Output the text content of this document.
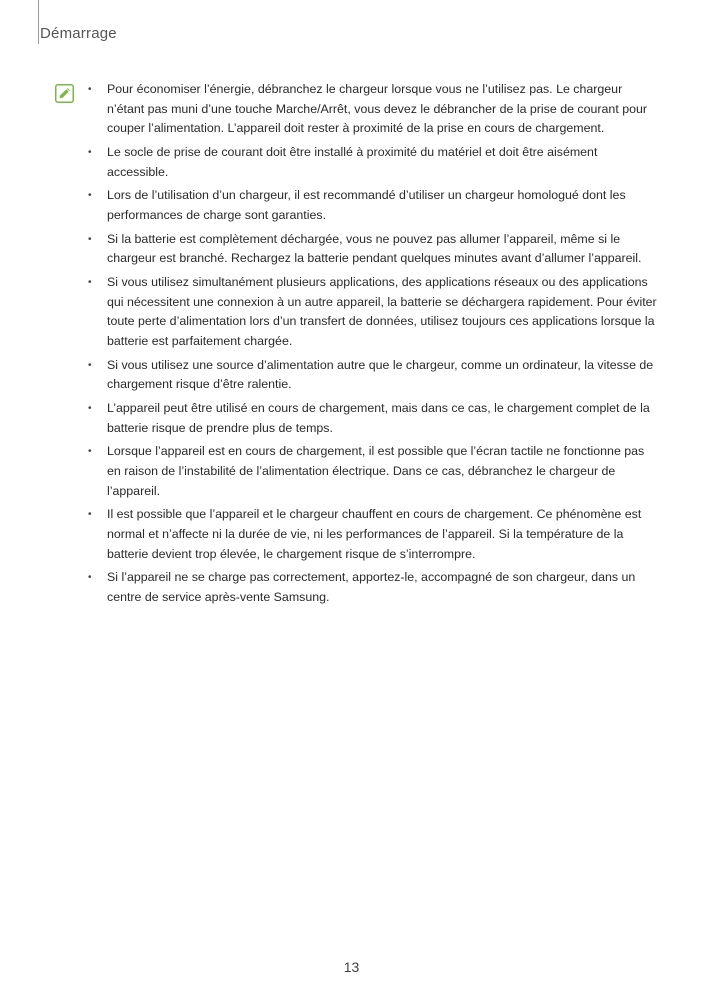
Démarrage
• Pour économiser l’énergie, débranchez le chargeur lorsque vous ne l’utilisez pas. Le chargeur n’étant pas muni d’une touche Marche/Arrêt, vous devez le débrancher de la prise de courant pour couper l’alimentation. L’appareil doit rester à proximité de la prise en cours de chargement.
• Le socle de prise de courant doit être installé à proximité du matériel et doit être aisément accessible.
• Lors de l’utilisation d’un chargeur, il est recommandé d’utiliser un chargeur homologué dont les performances de charge sont garanties.
• Si la batterie est complètement déchargée, vous ne pouvez pas allumer l’appareil, même si le chargeur est branché. Rechargez la batterie pendant quelques minutes avant d’allumer l’appareil.
• Si vous utilisez simultanément plusieurs applications, des applications réseaux ou des applications qui nécessitent une connexion à un autre appareil, la batterie se déchargera rapidement. Pour éviter toute perte d’alimentation lors d’un transfert de données, utilisez toujours ces applications lorsque la batterie est parfaitement chargée.
• Si vous utilisez une source d’alimentation autre que le chargeur, comme un ordinateur, la vitesse de chargement risque d’être ralentie.
• L’appareil peut être utilisé en cours de chargement, mais dans ce cas, le chargement complet de la batterie risque de prendre plus de temps.
• Lorsque l’appareil est en cours de chargement, il est possible que l’écran tactile ne fonctionne pas en raison de l’instabilité de l’alimentation électrique. Dans ce cas, débranchez le chargeur de l’appareil.
• Il est possible que l’appareil et le chargeur chauffent en cours de chargement. Ce phénomène est normal et n’affecte ni la durée de vie, ni les performances de l’appareil. Si la température de la batterie devient trop élevée, le chargement risque de s’interrompre.
• Si l’appareil ne se charge pas correctement, apportez-le, accompagné de son chargeur, dans un centre de service après-vente Samsung.
13
